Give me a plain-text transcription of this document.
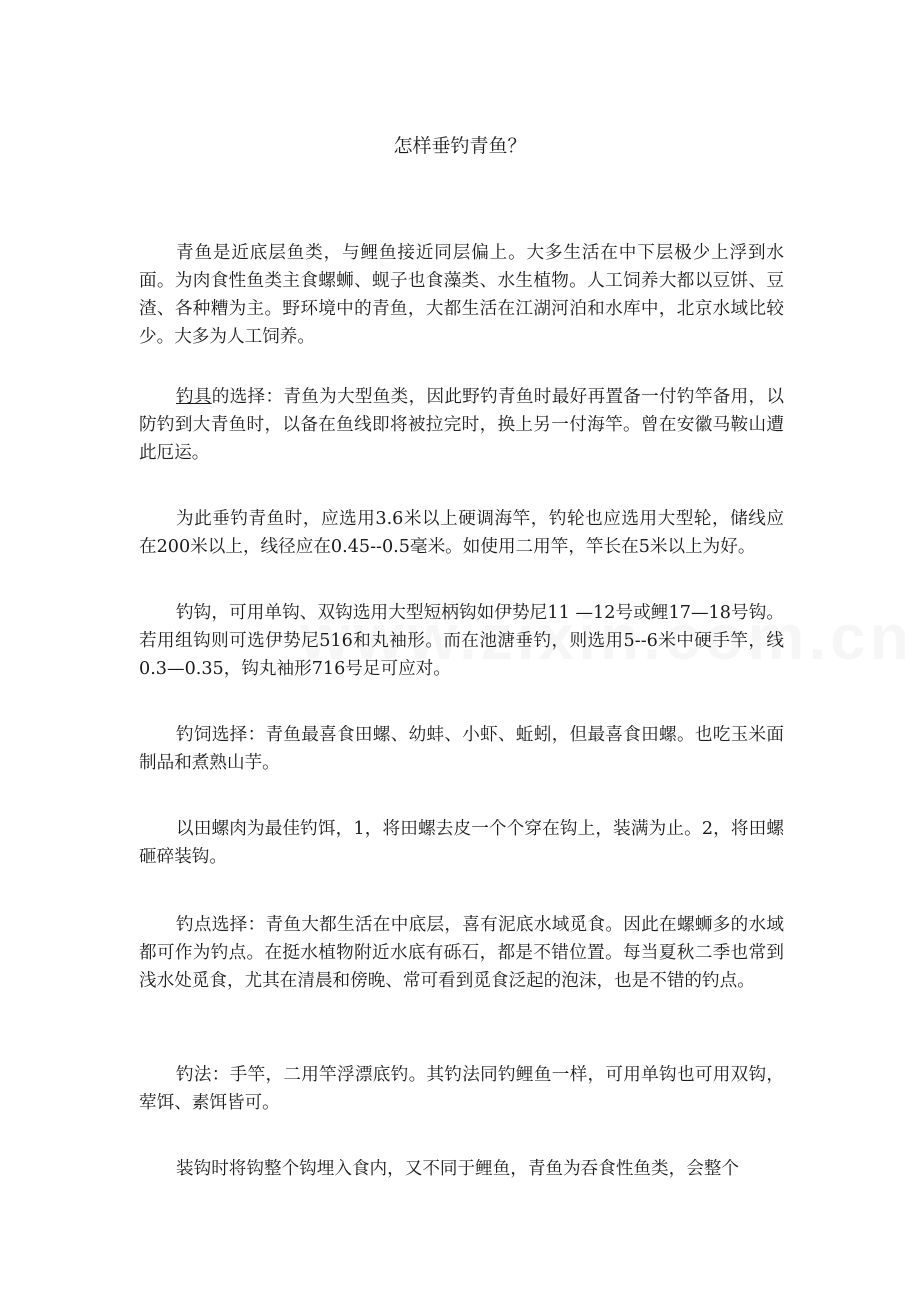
怎样垂钓青鱼？

青鱼是近底层鱼类，与鲤鱼接近同层偏上。大多生活在中下层极少上浮到水面。为肉食性鱼类主食螺蛳、蚬子也食藻类、水生植物。人工饲养大都以豆饼、豆渣、各种糟为主。野环境中的青鱼，大都生活在江湖河泊和水库中，北京水域比较少。大多为人工饲养。

钓具的选择：青鱼为大型鱼类，因此野钓青鱼时最好再置备一付钓竿备用，以防钓到大青鱼时，以备在鱼线即将被拉完时，换上另一付海竿。曾在安徽马鞍山遭此厄运。

为此垂钓青鱼时，应选用3.6米以上硬调海竿，钓轮也应选用大型轮，储线应在200米以上，线径应在0.45--0.5毫米。如使用二用竿，竿长在5米以上为好。

钓钩，可用单钩、双钩选用大型短柄钩如伊势尼11 —12号或鲤17—18号钩。若用组钩则可选伊势尼516和丸袖形。而在池溏垂钓，则选用5--6米中硬手竿，线0.3—0.35，钩丸袖形716号足可应对。

钓饲选择：青鱼最喜食田螺、幼蚌、小虾、蚯蚓，但最喜食田螺。也吃玉米面制品和煮熟山芋。

以田螺肉为最佳钓饵，1，将田螺去皮一个个穿在钩上，装满为止。2，将田螺砸碎装钩。

钓点选择：青鱼大都生活在中底层，喜有泥底水域觅食。因此在螺蛳多的水域都可作为钓点。在挺水植物附近水底有砾石，都是不错位置。每当夏秋二季也常到浅水处觅食，尤其在清晨和傍晚、常可看到觅食泛起的泡沫，也是不错的钓点。

钓法：手竿，二用竿浮漂底钓。其钓法同钓鲤鱼一样，可用单钩也可用双钩，荤饵、素饵皆可。

装钩时将钩整个钩埋入食内，又不同于鲤鱼，青鱼为吞食性鱼类，会整个
